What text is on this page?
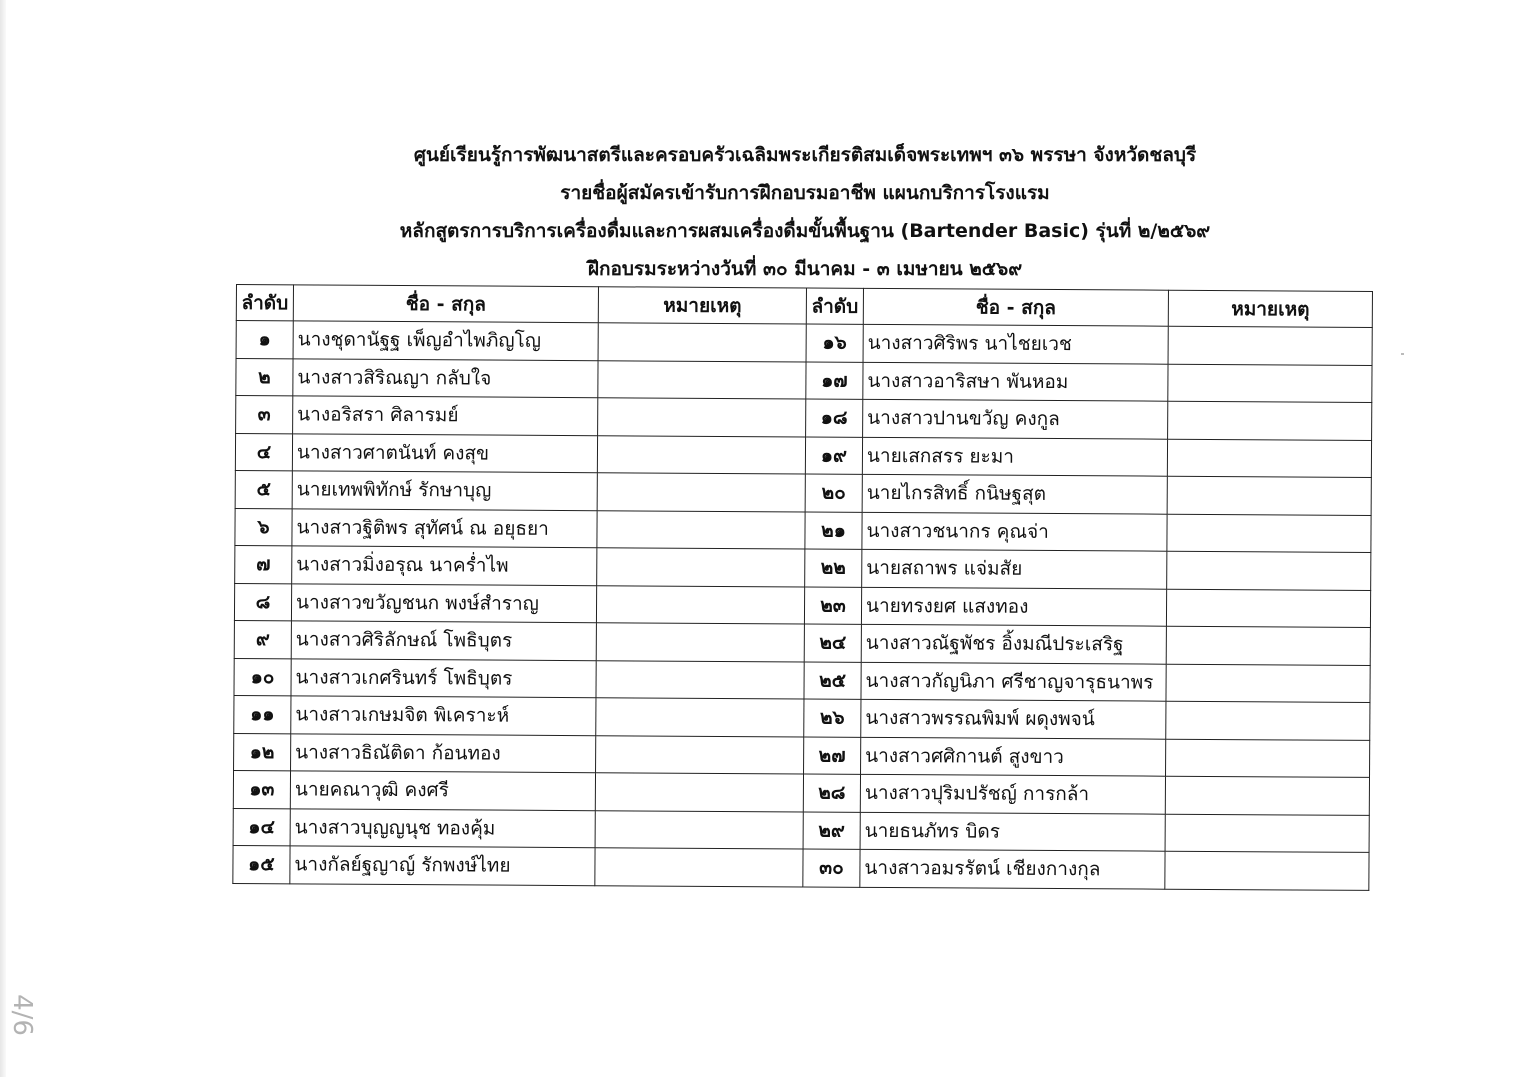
ศูนย์เรียนรู้การพัฒนาสตรีและครอบครัวเฉลิมพระเกียรติสมเด็จพระเทพฯ ๓๖ พรรษา จังหวัดชลบุรี
รายชื่อผู้สมัครเข้ารับการฝึกอบรมอาชีพ แผนกบริการโรงแรม
หลักสูตรการบริการเครื่องดื่มและการผสมเครื่องดื่มขั้นพื้นฐาน (Bartender Basic) รุ่นที่ ๒/๒๕๖๙
ฝึกอบรมระหว่างวันที่ ๓๐ มีนาคม - ๓ เมษายน ๒๕๖๙
ลำดับ	ชื่อ - สกุล	หมายเหตุ	ลำดับ	ชื่อ - สกุล	หมายเหตุ
๑	นางชุดานัฐฐ เพ็ญอำไพภิญโญ		๑๖	นางสาวศิริพร นาไชยเวช	
๒	นางสาวสิริณญา กลับใจ		๑๗	นางสาวอาริสษา พันหอม	
๓	นางอริสรา ศิลารมย์		๑๘	นางสาวปานขวัญ คงกูล	
๔	นางสาวศาตนันท์ คงสุข		๑๙	นายเสกสรร ยะมา	
๕	นายเทพพิทักษ์ รักษาบุญ		๒๐	นายไกรสิทธิ์ กนิษฐสุต	
๖	นางสาวฐิติพร สุทัศน์ ณ อยุธยา		๒๑	นางสาวชนากร คุณจ่า	
๗	นางสาวมิ่งอรุณ นาคร่ำไพ		๒๒	นายสถาพร แจ่มสัย	
๘	นางสาวขวัญชนก พงษ์สำราญ		๒๓	นายทรงยศ แสงทอง	
๙	นางสาวศิริลักษณ์ โพธิบุตร		๒๔	นางสาวณัฐพัชร อิ้งมณีประเสริฐ	
๑๐	นางสาวเกศรินทร์ โพธิบุตร		๒๕	นางสาวกัญนิภา ศรีชาญจารุธนาพร	
๑๑	นางสาวเกษมจิต พิเคราะห์		๒๖	นางสาวพรรณพิมพ์ ผดุงพจน์	
๑๒	นางสาวธิณัติดา ก้อนทอง		๒๗	นางสาวศศิกานต์ สูงขาว	
๑๓	นายคณาวุฒิ คงศรี		๒๘	นางสาวปุริมปรัชญ์ การกล้า	
๑๔	นางสาวบุญญนุช ทองคุ้ม		๒๙	นายธนภัทร บิดร	
๑๕	นางกัลย์ฐญาญ์ รักพงษ์ไทย		๓๐	นางสาวอมรรัตน์ เชียงกางกุล	
4/6
